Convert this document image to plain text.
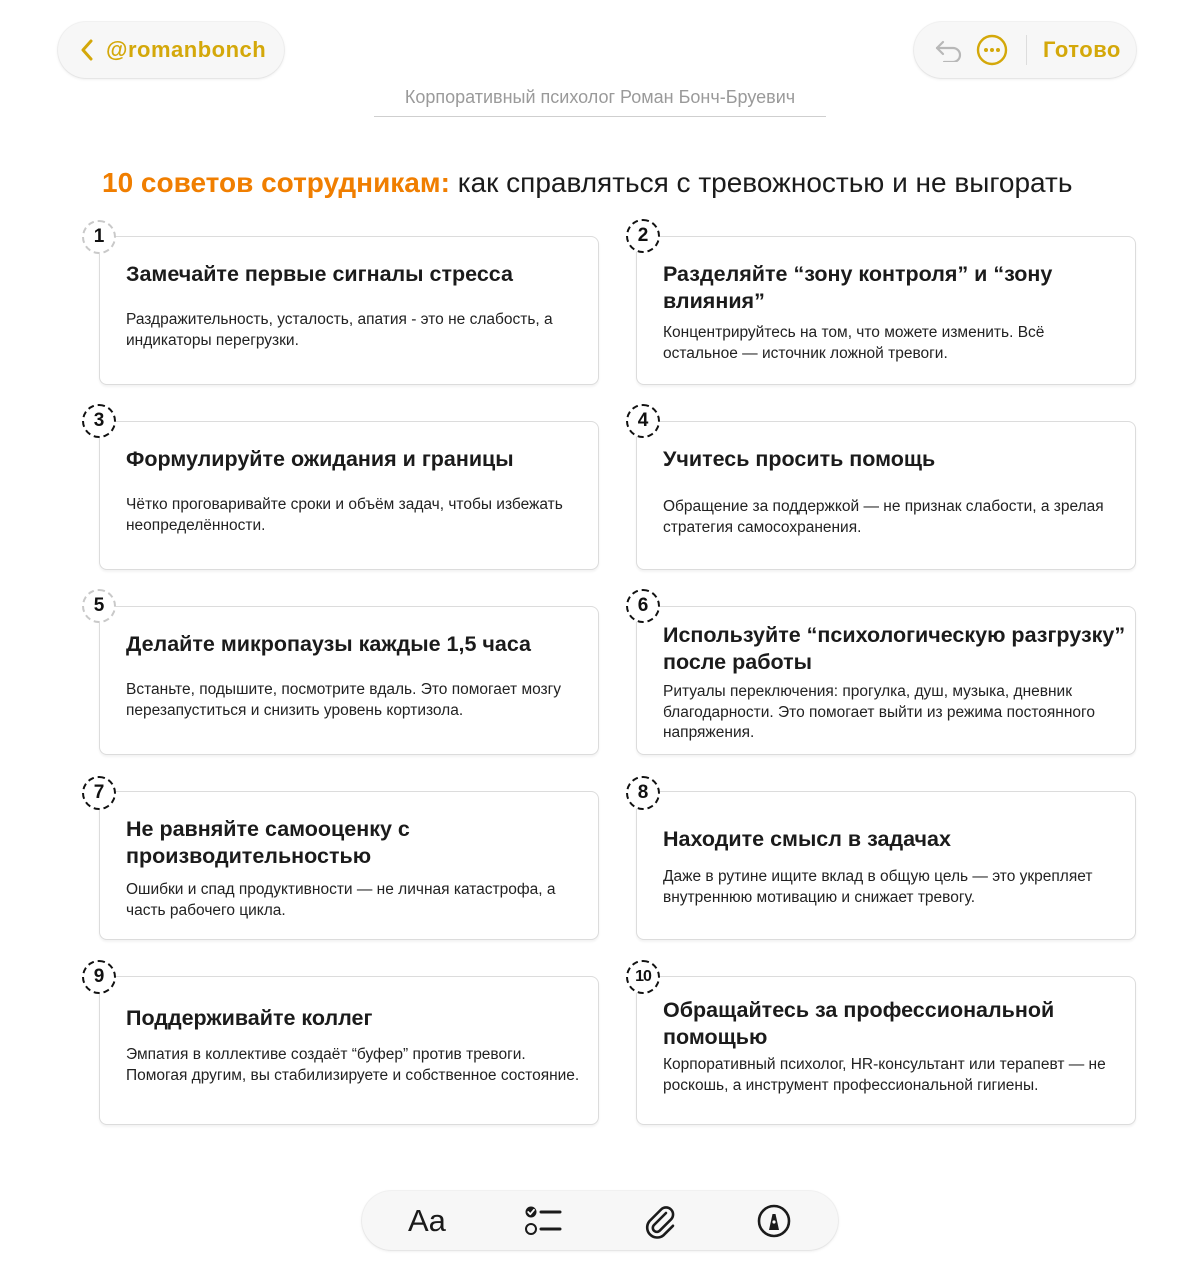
@romanbonch	Готово
Корпоративный психолог Роман Бонч-Бруевич
10 советов сотрудникам: как справляться с тревожностью и не выгорать
Замечайте первые сигналы стресса
Раздражительность, усталость, апатия - это не слабость, а индикаторы перегрузки.
1
Разделяйте “зону контроля” и “зону влияния”
Концентрируйтесь на том, что можете изменить. Всё остальное — источник ложной тревоги.
2
Формулируйте ожидания и границы
Чётко проговаривайте сроки и объём задач, чтобы избежать неопределённости.
3
Учитесь просить помощь
Обращение за поддержкой — не признак слабости, а зрелая стратегия самосохранения.
4
Делайте микропаузы каждые 1,5 часа
Встаньте, подышите, посмотрите вдаль. Это помогает мозгу перезапуститься и снизить уровень кортизола.
5
Используйте “психологическую разгрузку” после работы
Ритуалы переключения: прогулка, душ, музыка, дневник благодарности. Это помогает выйти из режима постоянного напряжения.
6
Не равняйте самооценку с производительностью
Ошибки и спад продуктивности — не личная катастрофа, а часть рабочего цикла.
7
Находите смысл в задачах
Даже в рутине ищите вклад в общую цель — это укрепляет внутреннюю мотивацию и снижает тревогу.
8
Поддерживайте коллег
Эмпатия в коллективе создаёт “буфер” против тревоги. Помогая другим, вы стабилизируете и собственное состояние.
9
Обращайтесь за профессиональной помощью
Корпоративный психолог, HR-консультант или терапевт — не роскошь, а инструмент профессиональной гигиены.
10
Aa
